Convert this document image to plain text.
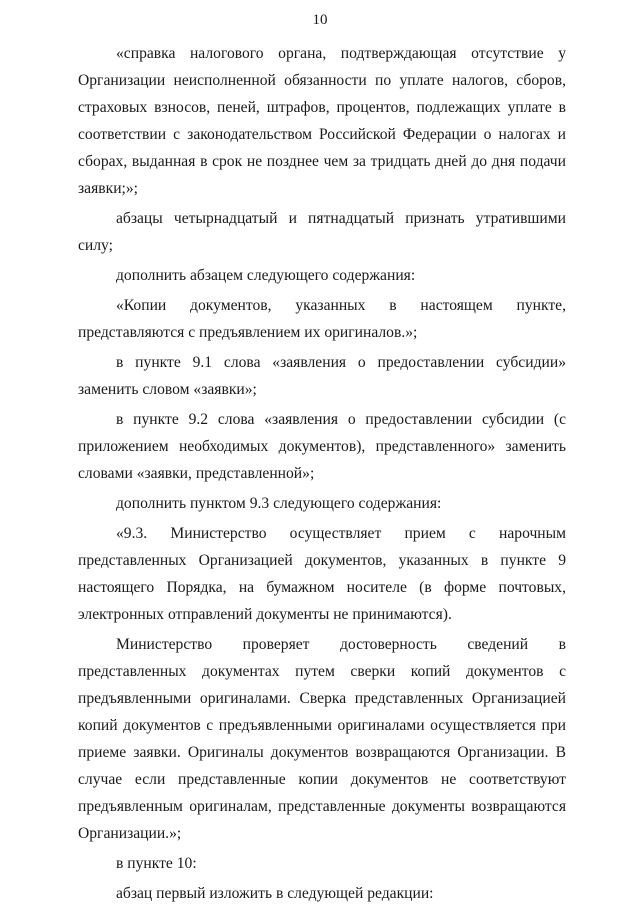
10

«справка налогового органа, подтверждающая отсутствие у Организации неисполненной обязанности по уплате налогов, сборов, страховых взносов, пеней, штрафов, процентов, подлежащих уплате в соответствии с законодательством Российской Федерации о налогах и сборах, выданная в срок не позднее чем за тридцать дней до дня подачи заявки;»;

абзацы четырнадцатый и пятнадцатый признать утратившими силу;

дополнить абзацем следующего содержания:

«Копии документов, указанных в настоящем пункте, представляются с предъявлением их оригиналов.»;

в пункте 9.1 слова «заявления о предоставлении субсидии» заменить словом «заявки»;

в пункте 9.2 слова «заявления о предоставлении субсидии (с приложением необходимых документов), представленного» заменить словами «заявки, представленной»;

дополнить пунктом 9.3 следующего содержания:

«9.3. Министерство осуществляет прием с нарочным представленных Организацией документов, указанных в пункте 9 настоящего Порядка, на бумажном носителе (в форме почтовых, электронных отправлений документы не принимаются).

Министерство проверяет достоверность сведений в представленных документах путем сверки копий документов с предъявленными оригиналами. Сверка представленных Организацией копий документов с предъявленными оригиналами осуществляется при приеме заявки. Оригиналы документов возвращаются Организации. В случае если представленные копии документов не соответствуют предъявленным оригиналам, представленные документы возвращаются Организации.»;

в пункте 10:

абзац первый изложить в следующей редакции:
